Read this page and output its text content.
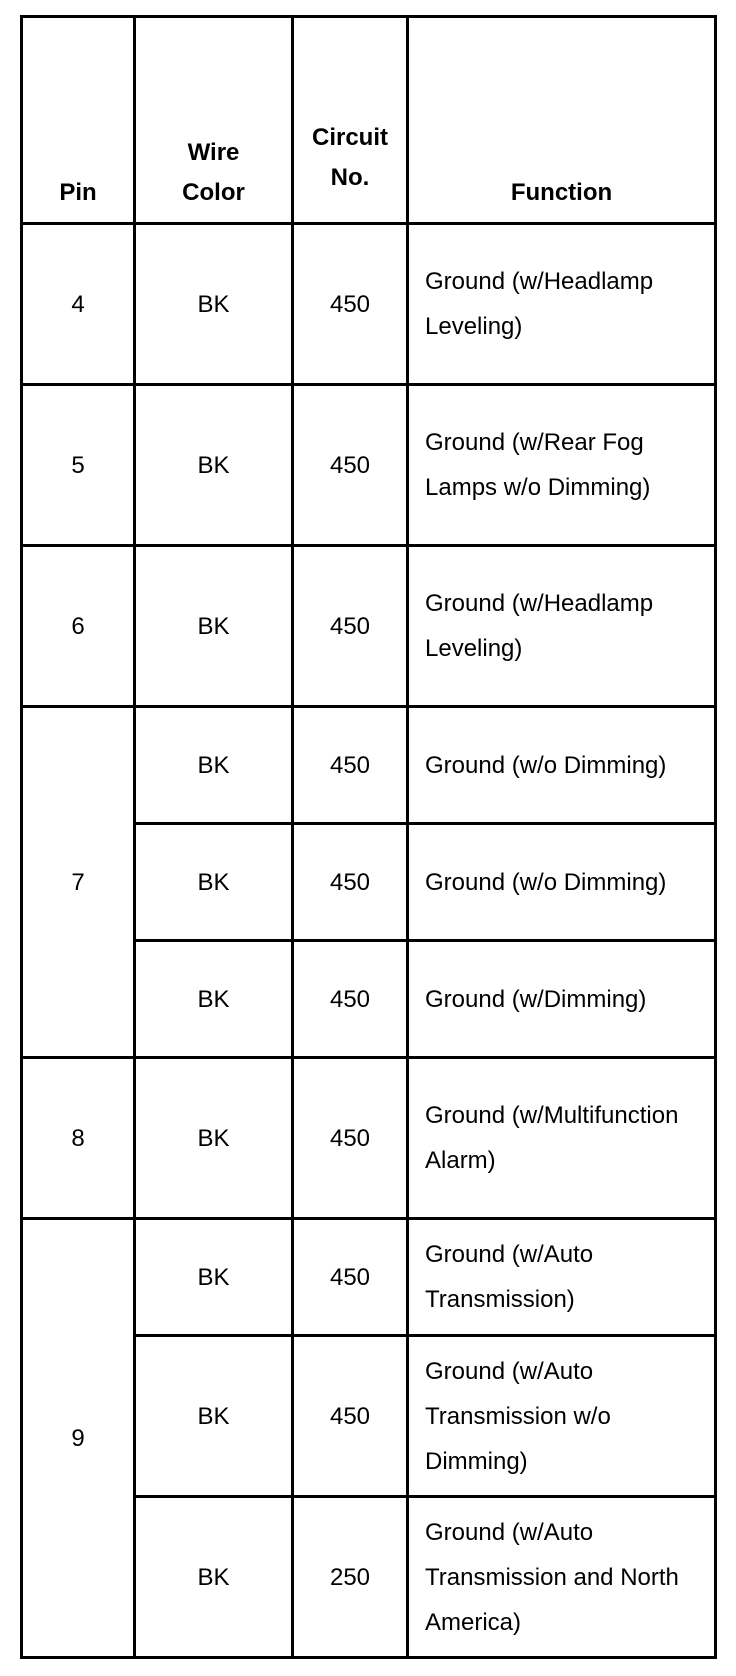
Pin	Wire Color	Circuit No.	Function
4	BK	450	Ground (w/Headlamp Leveling)
5	BK	450	Ground (w/Rear Fog Lamps w/o Dimming)
6	BK	450	Ground (w/Headlamp Leveling)
7	BK	450	Ground (w/o Dimming)
	BK	450	Ground (w/o Dimming)
	BK	450	Ground (w/Dimming)
8	BK	450	Ground (w/Multifunction Alarm)
9	BK	450	Ground (w/Auto Transmission)
	BK	450	Ground (w/Auto Transmission w/o Dimming)
	BK	250	Ground (w/Auto Transmission and North America)
